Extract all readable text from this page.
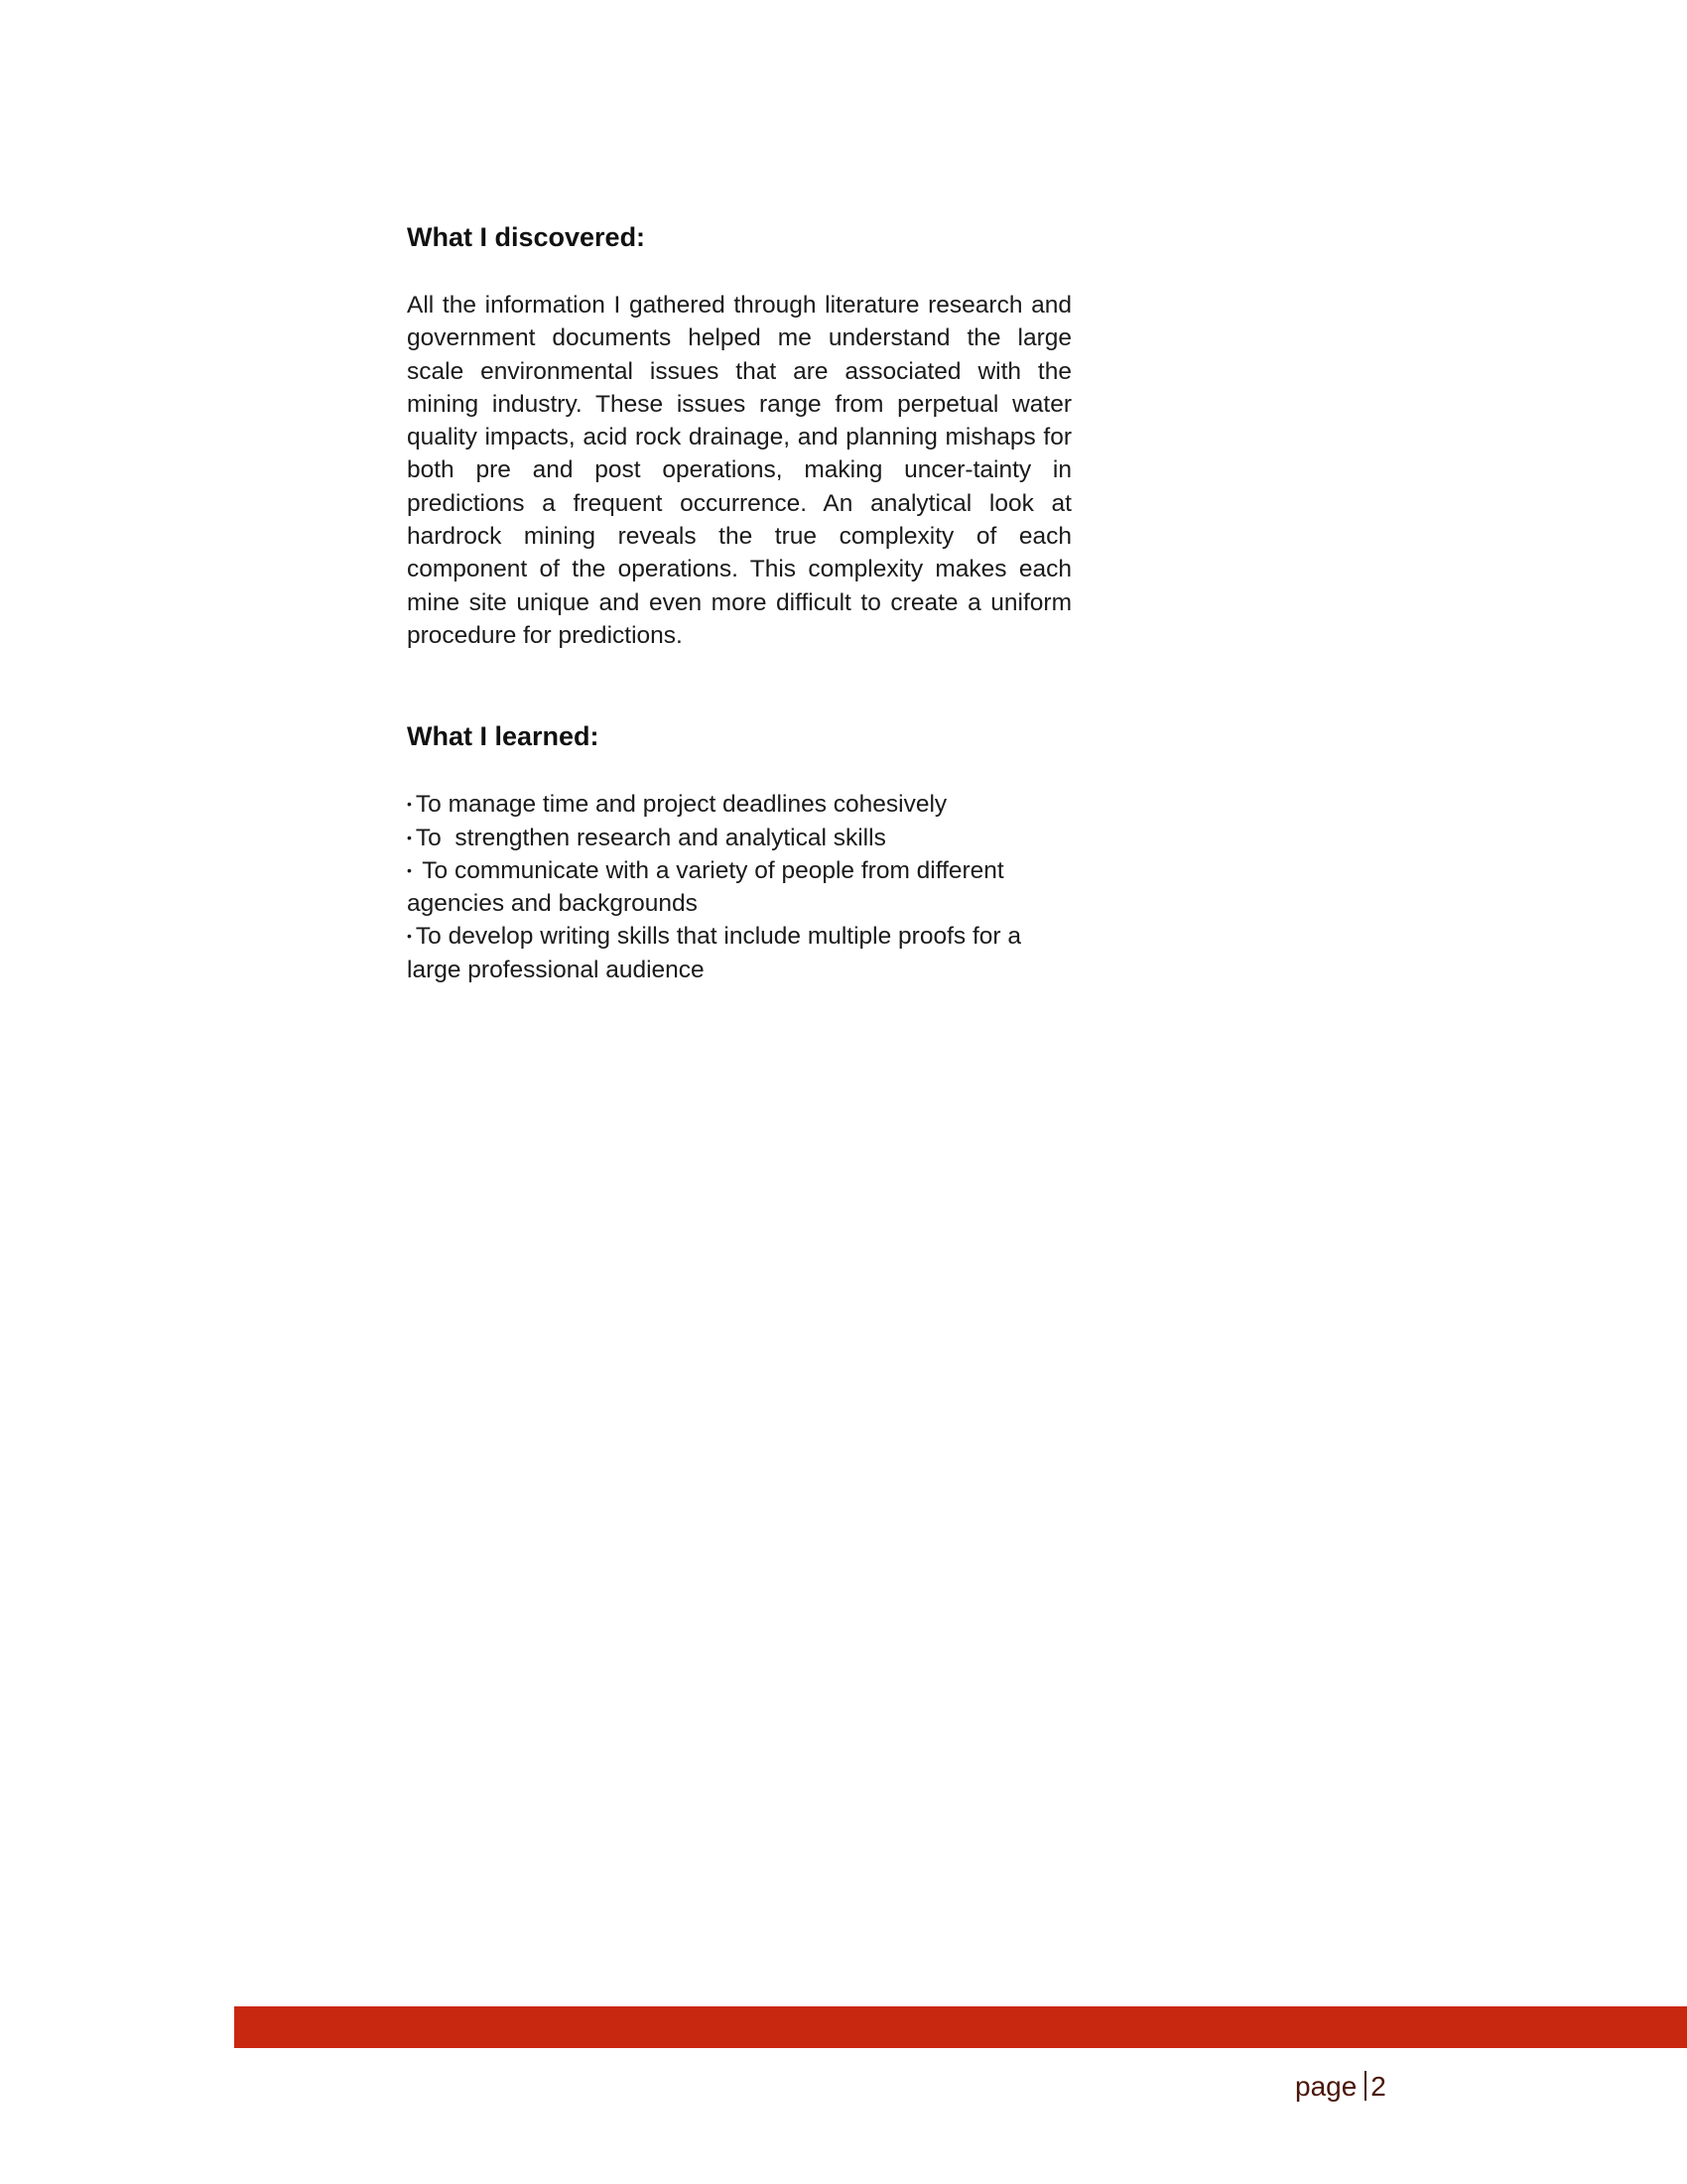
What I discovered:

All the information I gathered through literature research and government documents helped me understand the large scale environmental issues that are associated with the mining industry. These issues range from perpetual water quality impacts, acid rock drainage, and planning mishaps for both pre and post operations, making uncer-tainty in predictions a frequent occurrence. An analytical look at hardrock mining reveals the true complexity of each component of the operations. This complexity makes each mine site unique and even more difficult to create a uniform procedure for predictions.

What I learned:
• To manage time and project deadlines cohesively
• To  strengthen research and analytical skills
• To communicate with a variety of people from different agencies and backgrounds
• To develop writing skills that include multiple proofs for a large professional audience
page 2
